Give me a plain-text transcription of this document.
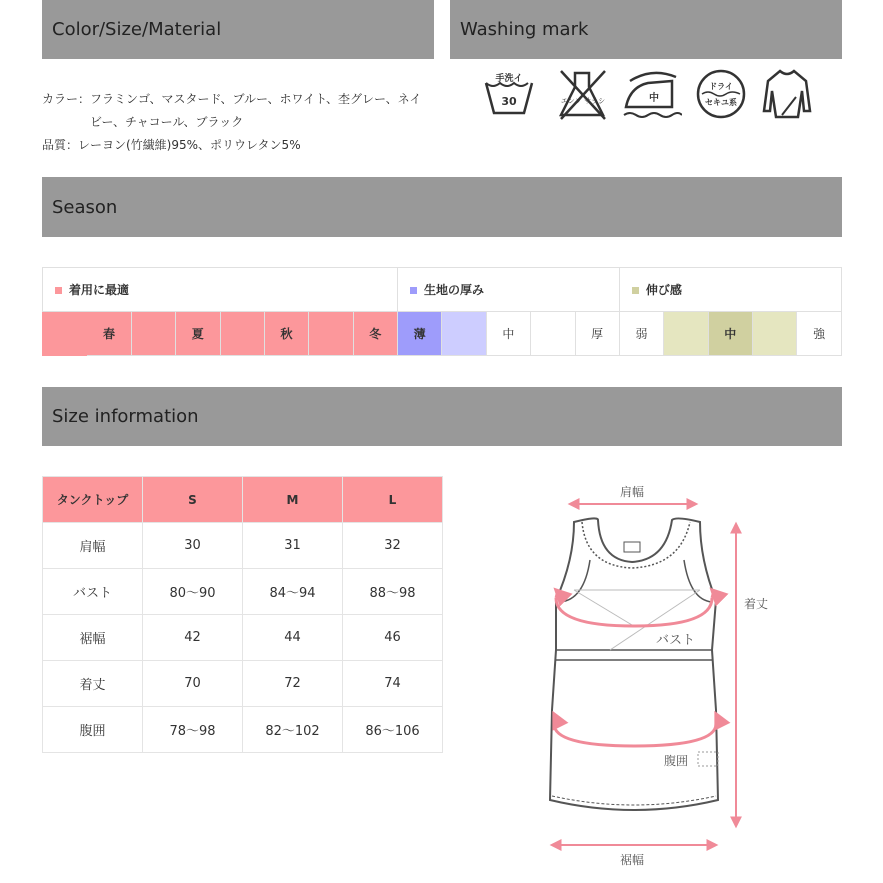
Color/Size/Material	Washing mark
カラー：フラミンゴ、マスタード、ブルー、ホワイト、杢グレー、ネイ
ビー、チャコール、ブラック
品質：レーヨン(竹繊維)95%、ポリウレタン5%
手洗イ
30	エンソ サラシ	中
ドライ
セキユ系
Season
着用に最適								生地の厚み					伸び感				
	春		夏		秋		冬	薄		中		厚	弱		中		強
Size information
タンクトップ	S	M	L
肩幅	30	31	32
バスト	80～90	84～94	88～98
裾幅	42	44	46
着丈	70	72	74
腹囲	78～98	82～102	86～106
肩幅
着丈
バスト
腹囲
裾幅
